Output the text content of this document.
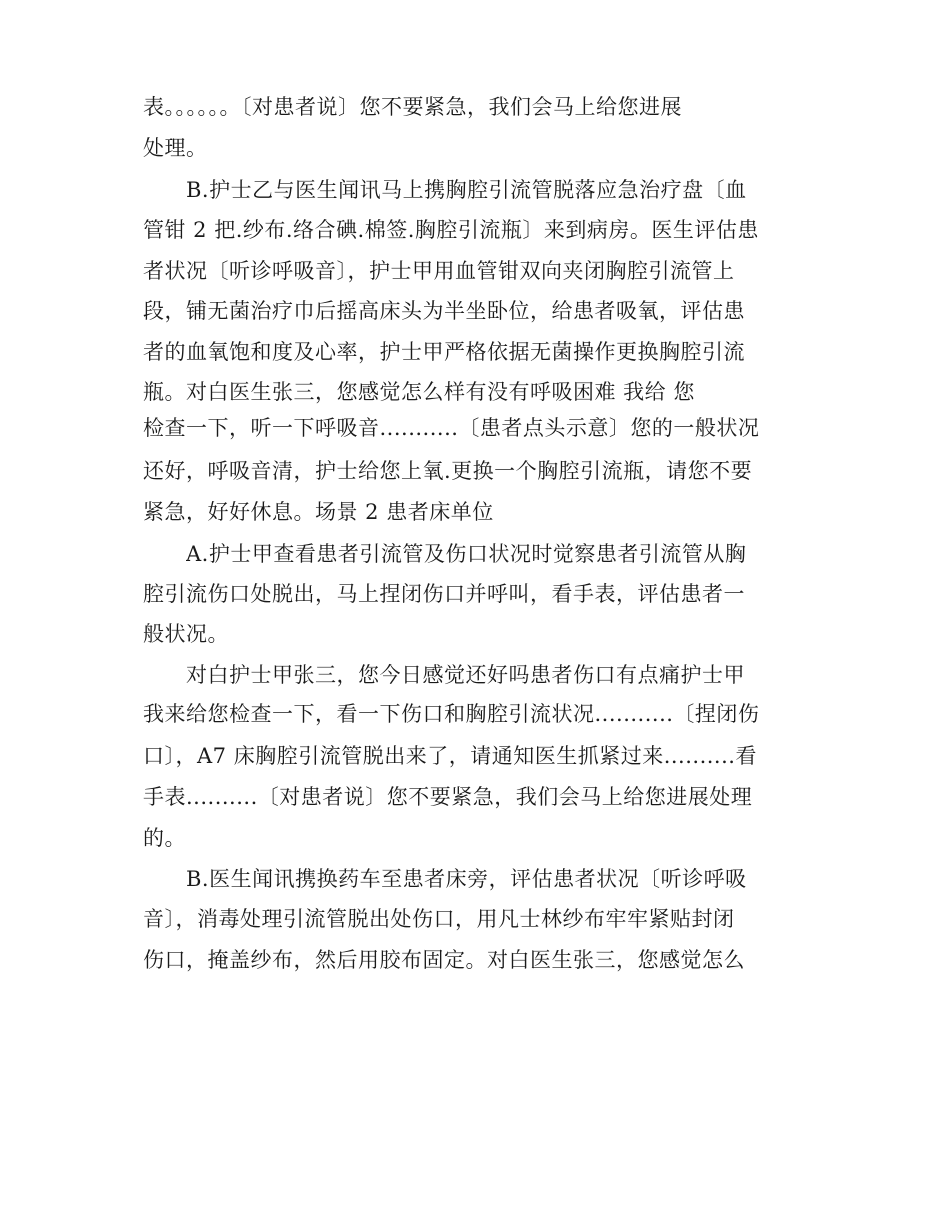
表。。。。。。〔对患者说〕您不要紧急，我们会马上给您进展
处理。
B.护士乙与医生闻讯马上携胸腔引流管脱落应急治疗盘〔血
管钳 2 把.纱布.络合碘.棉签.胸腔引流瓶〕来到病房。医生评估患
者状况〔听诊呼吸音〕，护士甲用血管钳双向夹闭胸腔引流管上
段，铺无菌治疗巾后摇高床头为半坐卧位，给患者吸氧，评估患
者的血氧饱和度及心率，护士甲严格依据无菌操作更换胸腔引流
瓶。对白医生张三，您感觉怎么样有没有呼吸困难 我给 您
检查一下，听一下呼吸音...........〔患者点头示意〕您的一般状况
还好，呼吸音清，护士给您上氧.更换一个胸腔引流瓶，请您不要
紧急，好好休息。场景 2 患者床单位
A.护士甲查看患者引流管及伤口状况时觉察患者引流管从胸
腔引流伤口处脱出，马上捏闭伤口并呼叫，看手表，评估患者一
般状况。
对白护士甲张三，您今日感觉还好吗患者伤口有点痛护士甲
我来给您检查一下，看一下伤口和胸腔引流状况...........〔捏闭伤
口〕，A7 床胸腔引流管脱出来了，请通知医生抓紧过来..........看
手表..........〔对患者说〕您不要紧急，我们会马上给您进展处理
的。
B.医生闻讯携换药车至患者床旁，评估患者状况〔听诊呼吸
音〕，消毒处理引流管脱出处伤口，用凡士林纱布牢牢紧贴封闭
伤口，掩盖纱布，然后用胶布固定。对白医生张三，您感觉怎么
